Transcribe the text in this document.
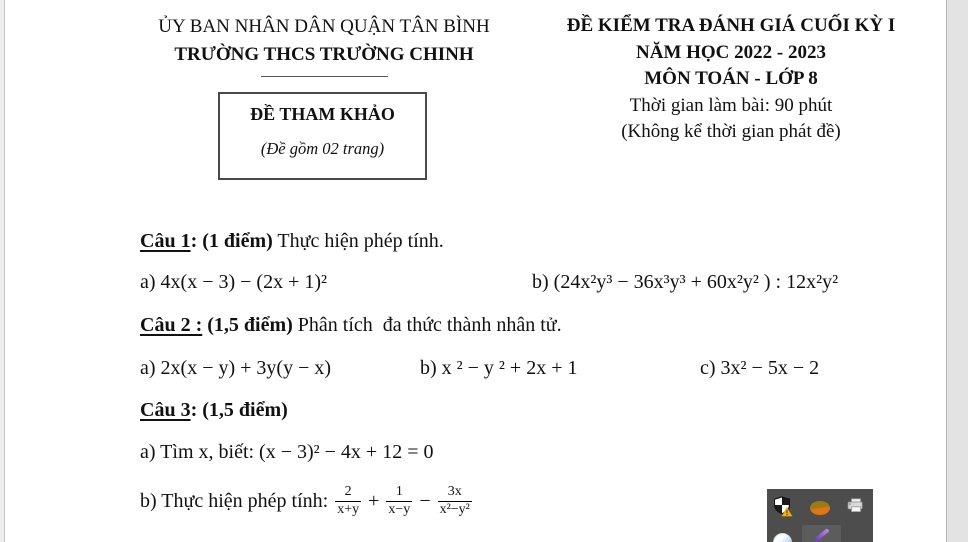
ỦY BAN NHÂN DÂN QUẬN TÂN BÌNH
TRƯỜNG THCS TRƯỜNG CHINH
ĐỀ KIỂM TRA ĐÁNH GIÁ CUỐI KỲ I
NĂM HỌC 2022 - 2023
MÔN TOÁN - LỚP 8
Thời gian làm bài: 90 phút
(Không kể thời gian phát đề)
ĐỀ THAM KHẢO
(Đề gồm 02 trang)
Câu 1: (1 điểm) Thực hiện phép tính.
a) 4x(x − 3) − (2x + 1)²	b) (24x²y³ − 36x³y³ + 60x²y² ) : 12x²y²
Câu 2 : (1,5 điểm) Phân tích  đa thức thành nhân tử.
a) 2x(x − y) + 3y(y − x)	b) x ² − y ² + 2x + 1	c) 3x² − 5x − 2
Câu 3: (1,5 điểm)
a) Tìm x, biết: (x − 3)² − 4x + 12 = 0
b) Thực hiện phép tính: $\frac{2}{x+y} + \frac{1}{x-y} - \frac{3x}{\text{x²−y²}}$
